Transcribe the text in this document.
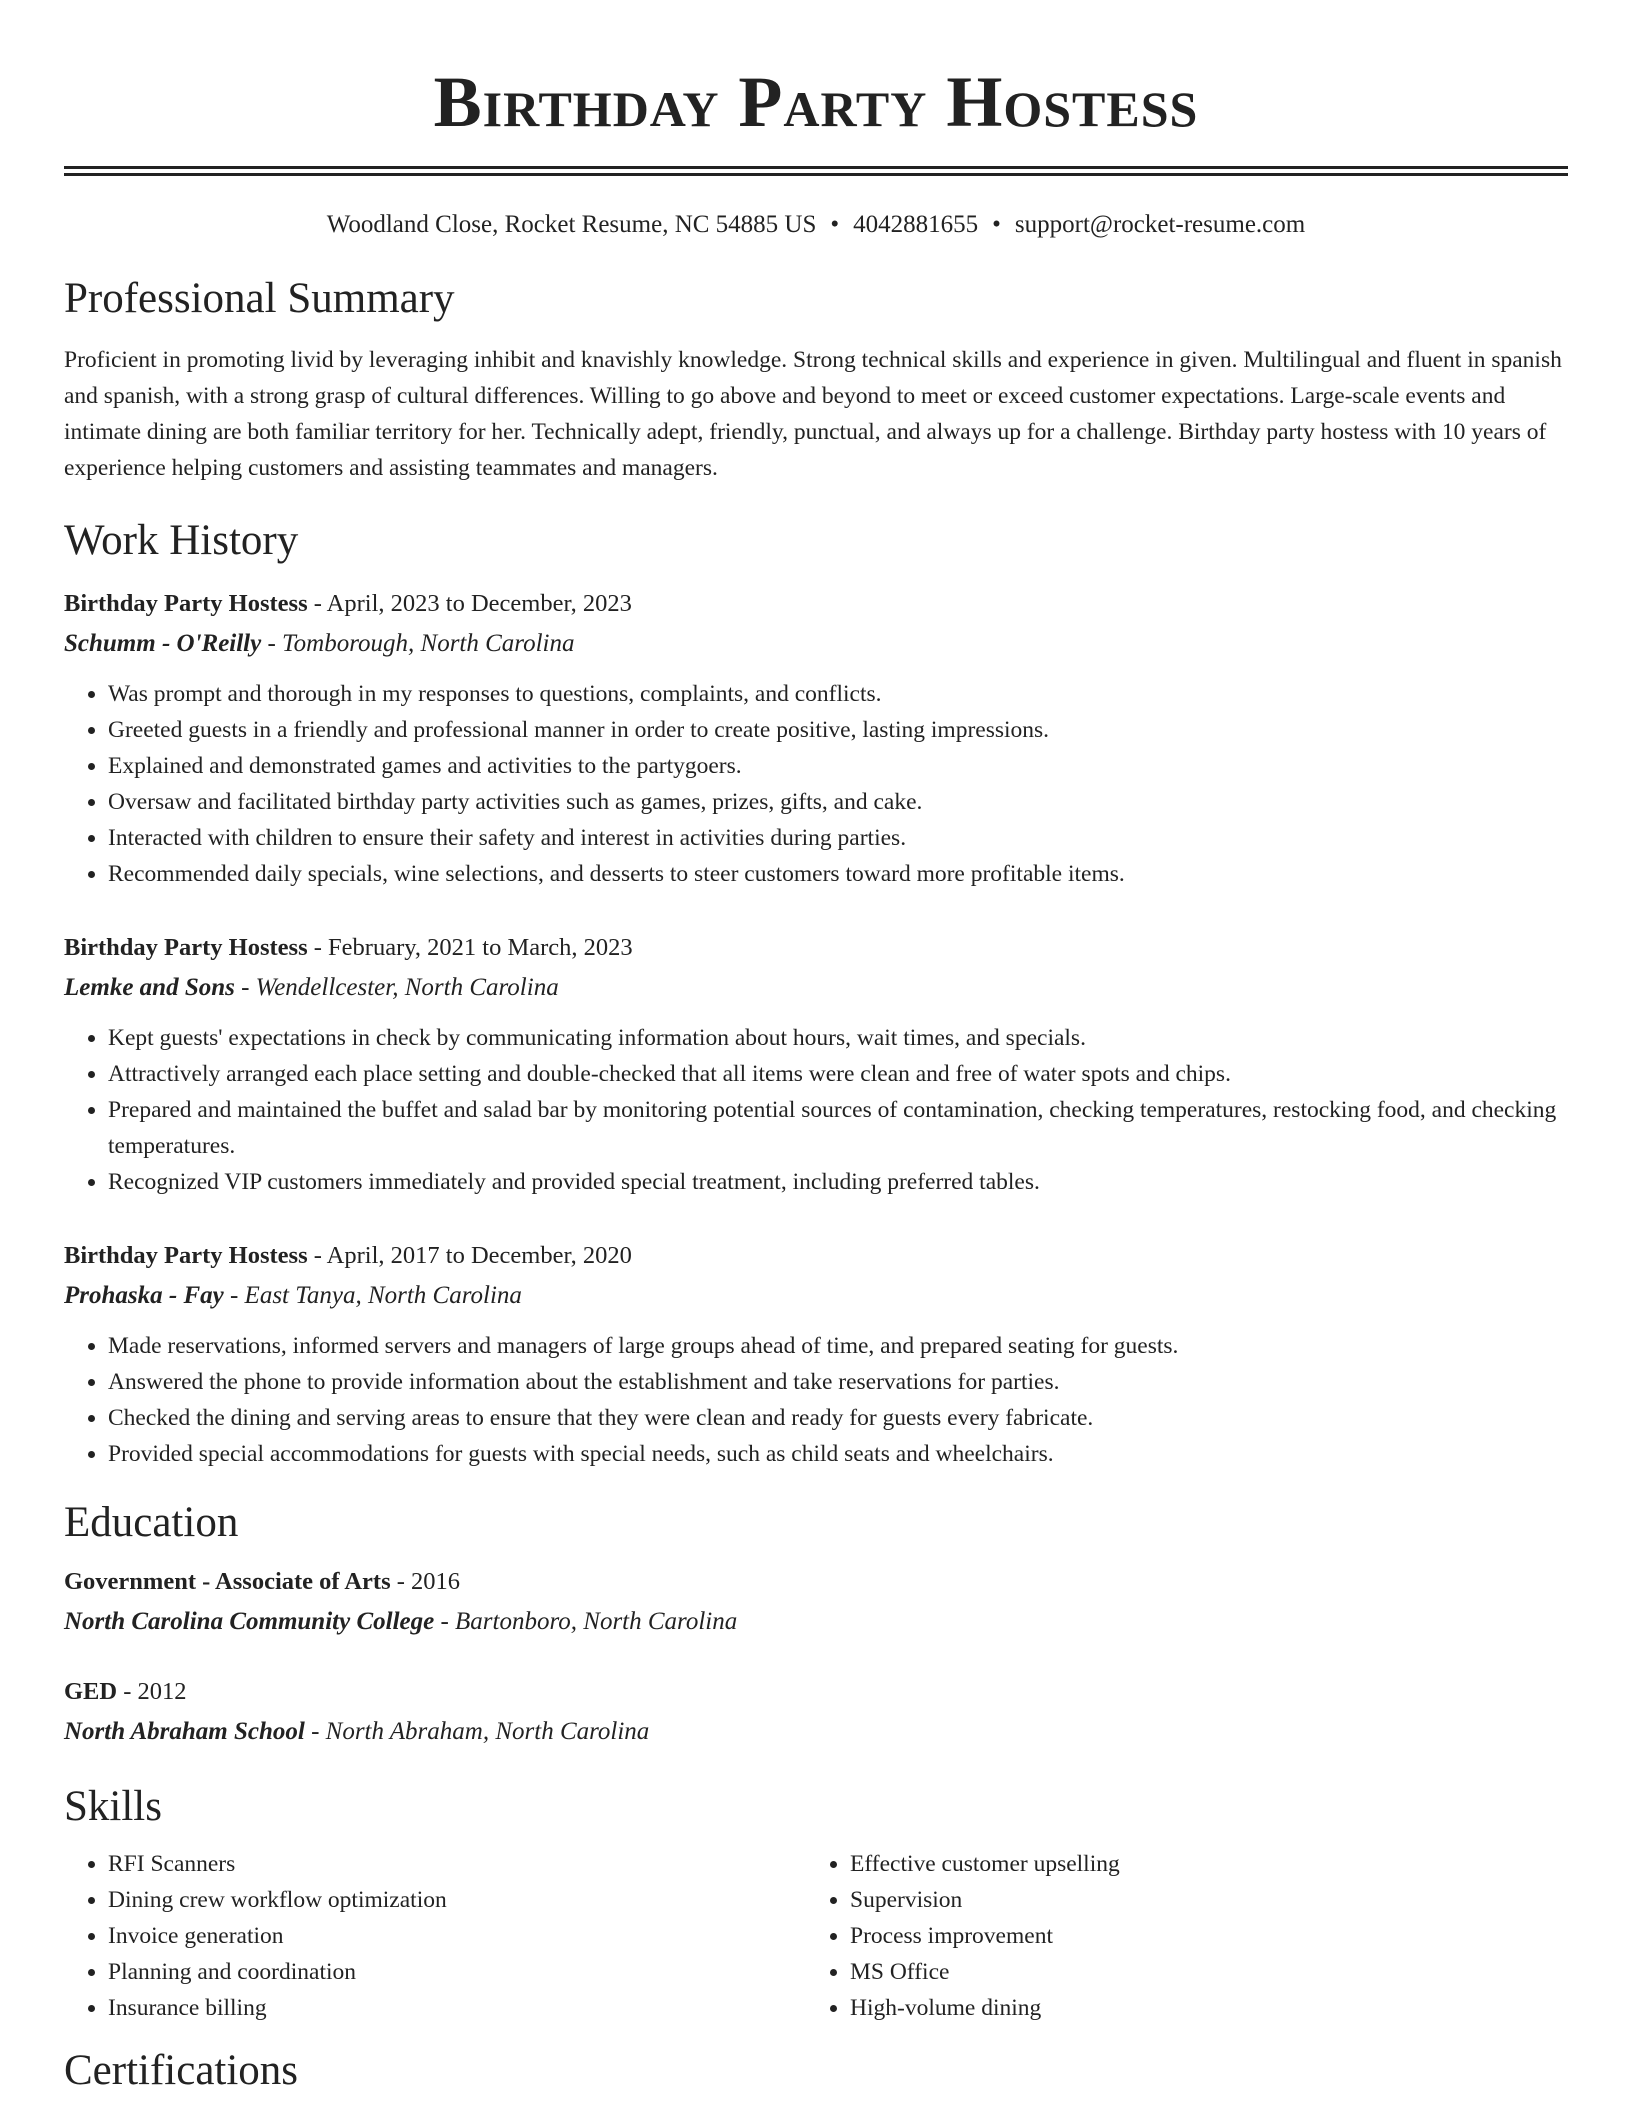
Birthday Party Hostess
Woodland Close, Rocket Resume, NC 54885 US • 4042881655 • support@rocket-resume.com
Professional Summary
Proficient in promoting livid by leveraging inhibit and knavishly knowledge. Strong technical skills and experience in given. Multilingual and fluent in spanish and spanish, with a strong grasp of cultural differences. Willing to go above and beyond to meet or exceed customer expectations. Large-scale events and intimate dining are both familiar territory for her. Technically adept, friendly, punctual, and always up for a challenge. Birthday party hostess with 10 years of experience helping customers and assisting teammates and managers.
Work History
Birthday Party Hostess - April, 2023 to December, 2023
Schumm - O'Reilly - Tomborough, North Carolina
• Was prompt and thorough in my responses to questions, complaints, and conflicts.
• Greeted guests in a friendly and professional manner in order to create positive, lasting impressions.
• Explained and demonstrated games and activities to the partygoers.
• Oversaw and facilitated birthday party activities such as games, prizes, gifts, and cake.
• Interacted with children to ensure their safety and interest in activities during parties.
• Recommended daily specials, wine selections, and desserts to steer customers toward more profitable items.
Birthday Party Hostess - February, 2021 to March, 2023
Lemke and Sons - Wendellcester, North Carolina
• Kept guests' expectations in check by communicating information about hours, wait times, and specials.
• Attractively arranged each place setting and double-checked that all items were clean and free of water spots and chips.
• Prepared and maintained the buffet and salad bar by monitoring potential sources of contamination, checking temperatures, restocking food, and checking temperatures.
• Recognized VIP customers immediately and provided special treatment, including preferred tables.
Birthday Party Hostess - April, 2017 to December, 2020
Prohaska - Fay - East Tanya, North Carolina
• Made reservations, informed servers and managers of large groups ahead of time, and prepared seating for guests.
• Answered the phone to provide information about the establishment and take reservations for parties.
• Checked the dining and serving areas to ensure that they were clean and ready for guests every fabricate.
• Provided special accommodations for guests with special needs, such as child seats and wheelchairs.
Education
Government - Associate of Arts - 2016
North Carolina Community College - Bartonboro, North Carolina
GED - 2012
North Abraham School - North Abraham, North Carolina
Skills
• RFI Scanners
• Dining crew workflow optimization
• Invoice generation
• Planning and coordination
• Insurance billing
• Effective customer upselling
• Supervision
• Process improvement
• MS Office
• High-volume dining
Certifications
